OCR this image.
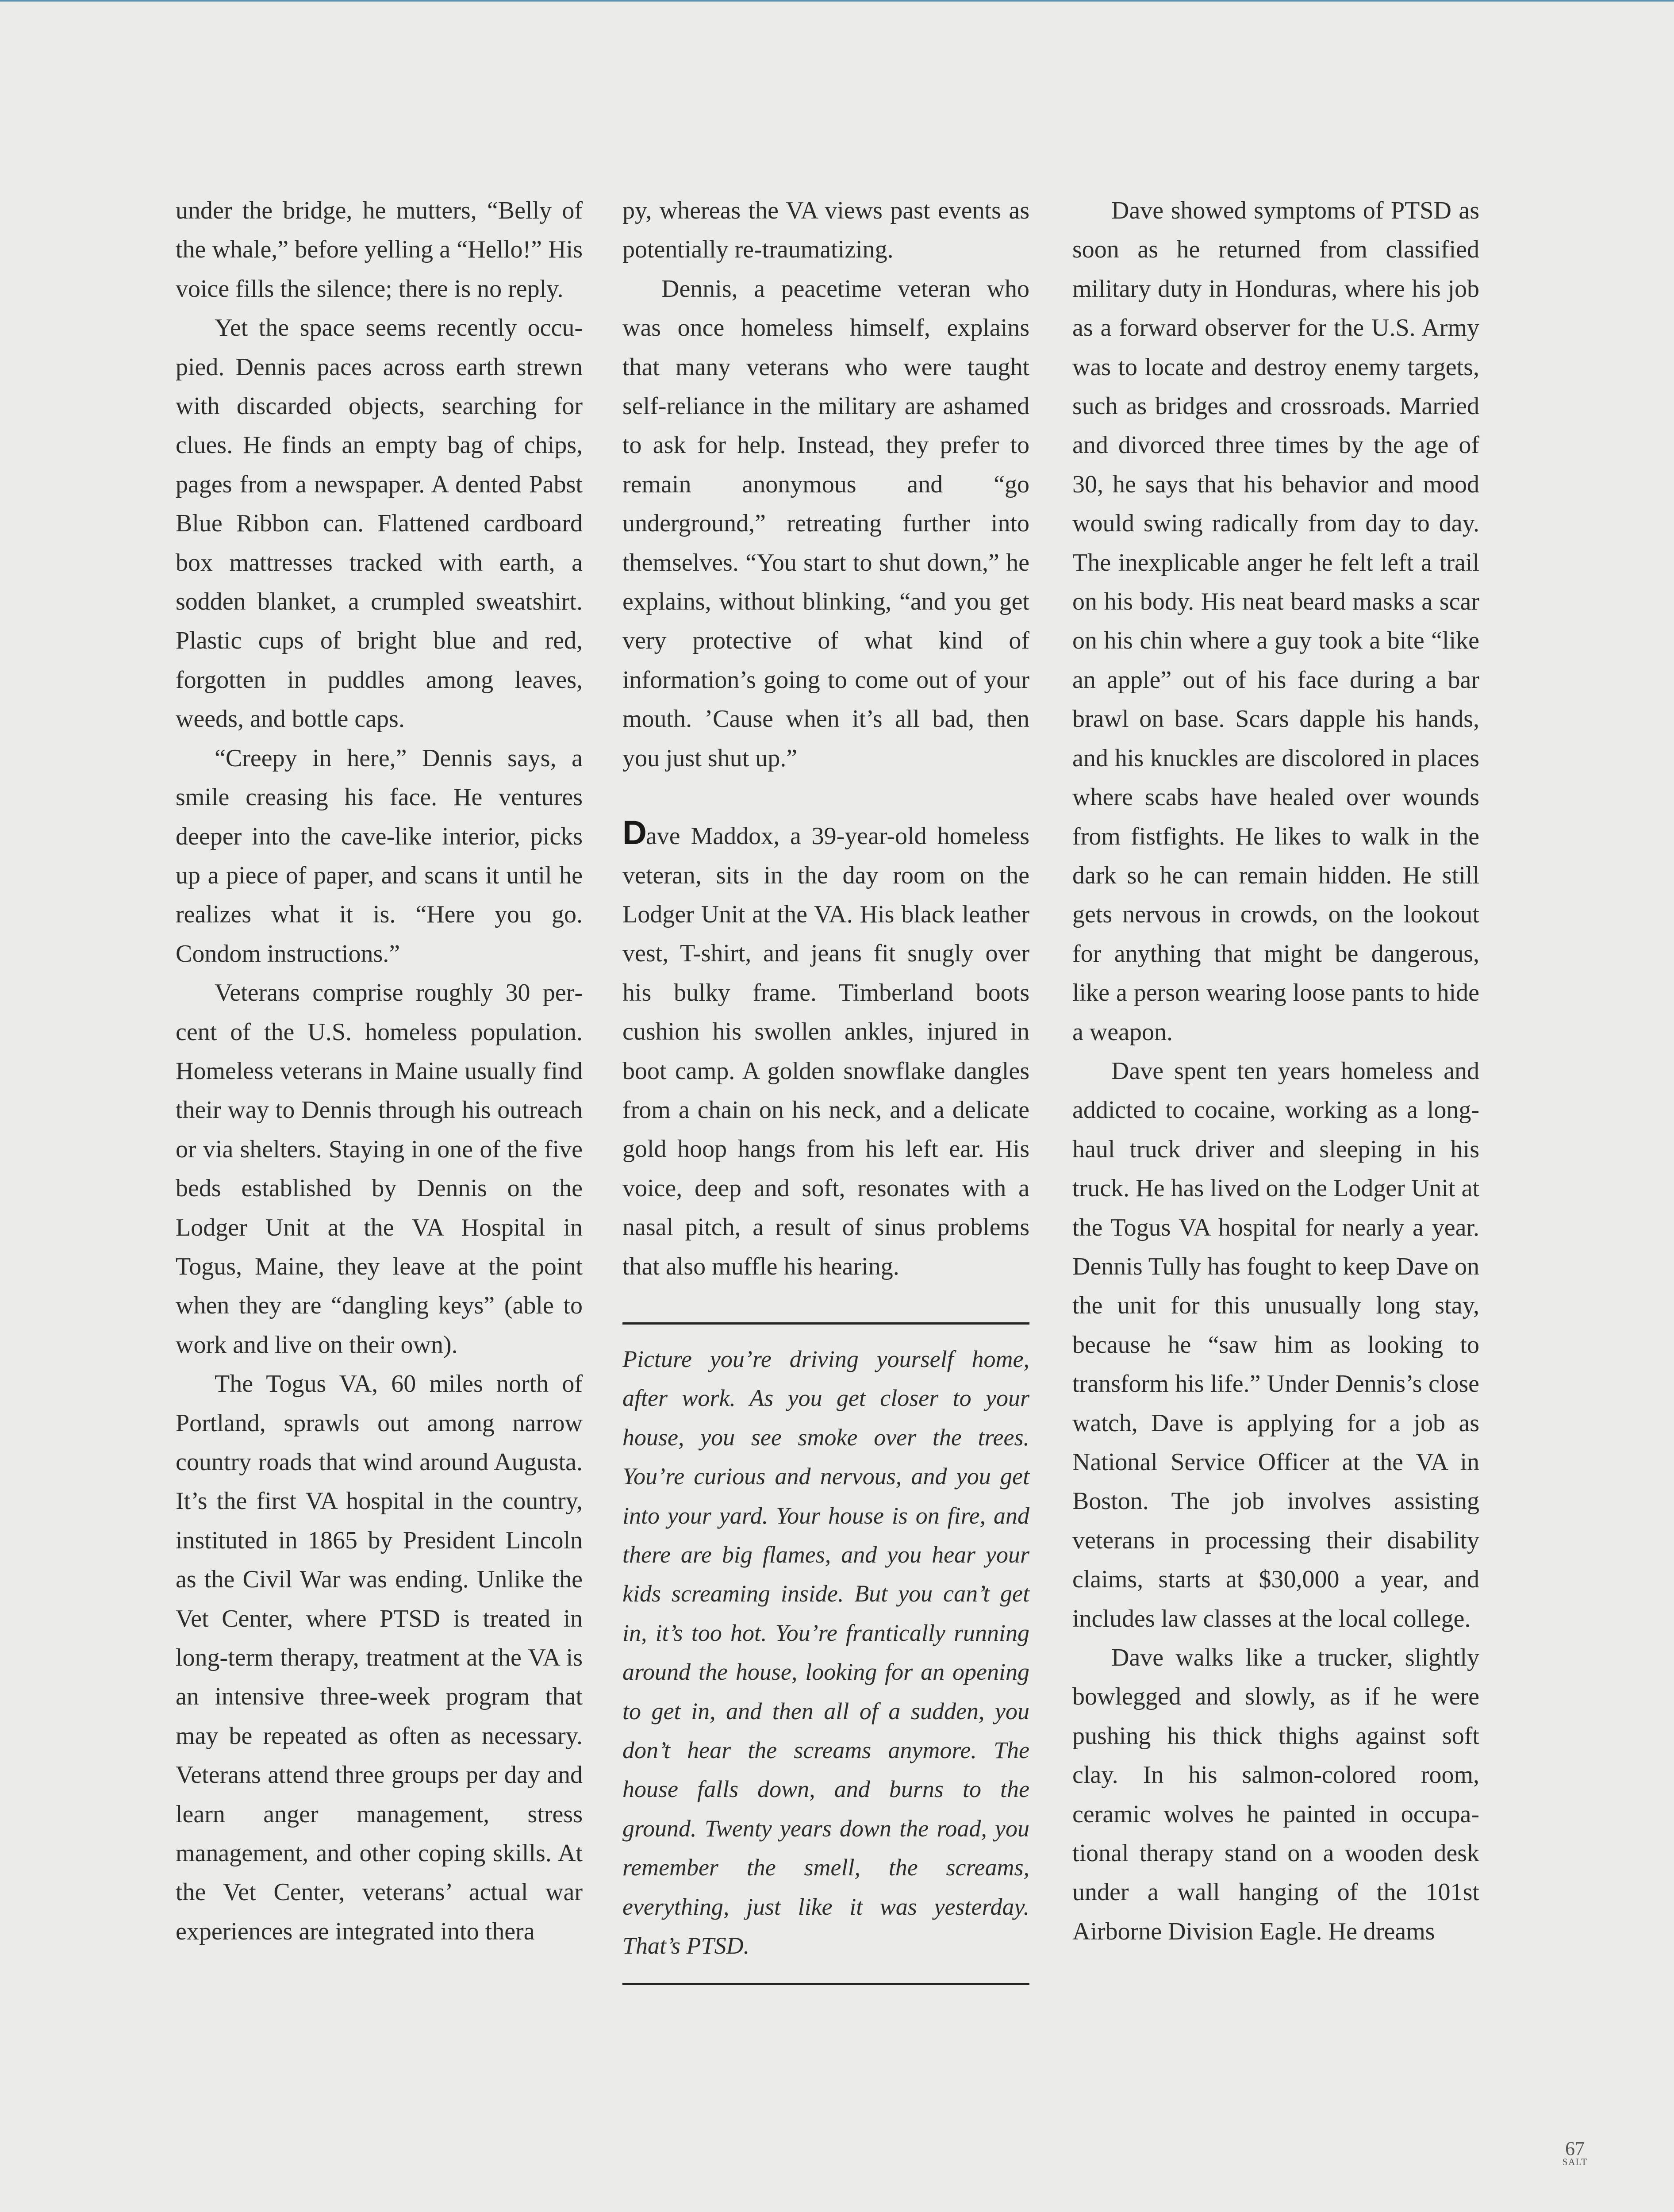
under the bridge, he mutters, “Belly of the whale,” before yelling a “Hello!” His voice fills the silence; there is no reply.

Yet the space seems recently occupied. Dennis paces across earth strewn with discarded objects, searching for clues. He finds an empty bag of chips, pages from a newspaper. A dented Pabst Blue Ribbon can. Flattened cardboard box mattresses tracked with earth, a sodden blanket, a crumpled sweatshirt. Plastic cups of bright blue and red, forgotten in puddles among leaves, weeds, and bottle caps.

“Creepy in here,” Dennis says, a smile creasing his face. He ventures deeper into the cave-like interior, picks up a piece of paper, and scans it until he realizes what it is. “Here you go. Condom instructions.”

Veterans comprise roughly 30 percent of the U.S. homeless population. Homeless veterans in Maine usually find their way to Dennis through his outreach or via shelters. Staying in one of the five beds established by Dennis on the Lodger Unit at the VA Hospital in Togus, Maine, they leave at the point when they are “dangling keys” (able to work and live on their own).

The Togus VA, 60 miles north of Portland, sprawls out among narrow country roads that wind around Augusta. It’s the first VA hospital in the country, instituted in 1865 by President Lincoln as the Civil War was ending. Unlike the Vet Center, where PTSD is treated in long-term therapy, treatment at the VA is an intensive three-week program that may be repeated as often as necessary. Veterans attend three groups per day and learn anger management, stress management, and other coping skills. At the Vet Center, veterans’ actual war experiences are integrated into thera

py, whereas the VA views past events as potentially re-traumatizing.

Dennis, a peacetime veteran who was once homeless himself, explains that many veterans who were taught self-reliance in the military are ashamed to ask for help. Instead, they prefer to remain anonymous and “go underground,” retreating further into themselves. “You start to shut down,” he explains, without blinking, “and you get very protective of what kind of information’s going to come out of your mouth. ’Cause when it’s all bad, then you just shut up.”

Dave Maddox, a 39-year-old homeless veteran, sits in the day room on the Lodger Unit at the VA. His black leather vest, T-shirt, and jeans fit snugly over his bulky frame. Timberland boots cushion his swollen ankles, injured in boot camp. A golden snowflake dangles from a chain on his neck, and a delicate gold hoop hangs from his left ear. His voice, deep and soft, resonates with a nasal pitch, a result of sinus problems that also muffle his hearing.

Picture you’re driving yourself home, after work. As you get closer to your house, you see smoke over the trees. You’re curious and nervous, and you get into your yard. Your house is on fire, and there are big flames, and you hear your kids screaming inside. But you can’t get in, it’s too hot. You’re frantically running around the house, looking for an opening to get in, and then all of a sudden, you don’t hear the screams anymore. The house falls down, and burns to the ground. Twenty years down the road, you remember the smell, the screams, everything, just like it was yesterday. That’s PTSD.

Dave showed symptoms of PTSD as soon as he returned from classified military duty in Honduras, where his job as a forward observer for the U.S. Army was to locate and destroy enemy targets, such as bridges and crossroads. Married and divorced three times by the age of 30, he says that his behavior and mood would swing radically from day to day. The inexplicable anger he felt left a trail on his body. His neat beard masks a scar on his chin where a guy took a bite “like an apple” out of his face during a bar brawl on base. Scars dapple his hands, and his knuckles are discolored in places where scabs have healed over wounds from fistfights. He likes to walk in the dark so he can remain hidden. He still gets nervous in crowds, on the lookout for anything that might be dangerous, like a person wearing loose pants to hide a weapon.

Dave spent ten years homeless and addicted to cocaine, working as a long-haul truck driver and sleeping in his truck. He has lived on the Lodger Unit at the Togus VA hospital for nearly a year. Dennis Tully has fought to keep Dave on the unit for this unusually long stay, because he “saw him as looking to transform his life.” Under Dennis’s close watch, Dave is applying for a job as National Service Officer at the VA in Boston. The job involves assisting veterans in processing their disability claims, starts at $30,000 a year, and includes law classes at the local college.

Dave walks like a trucker, slightly bowlegged and slowly, as if he were pushing his thick thighs against soft clay. In his salmon-colored room, ceramic wolves he painted in occupational therapy stand on a wooden desk under a wall hanging of the 101st Airborne Division Eagle. He dreams

67
SALT
